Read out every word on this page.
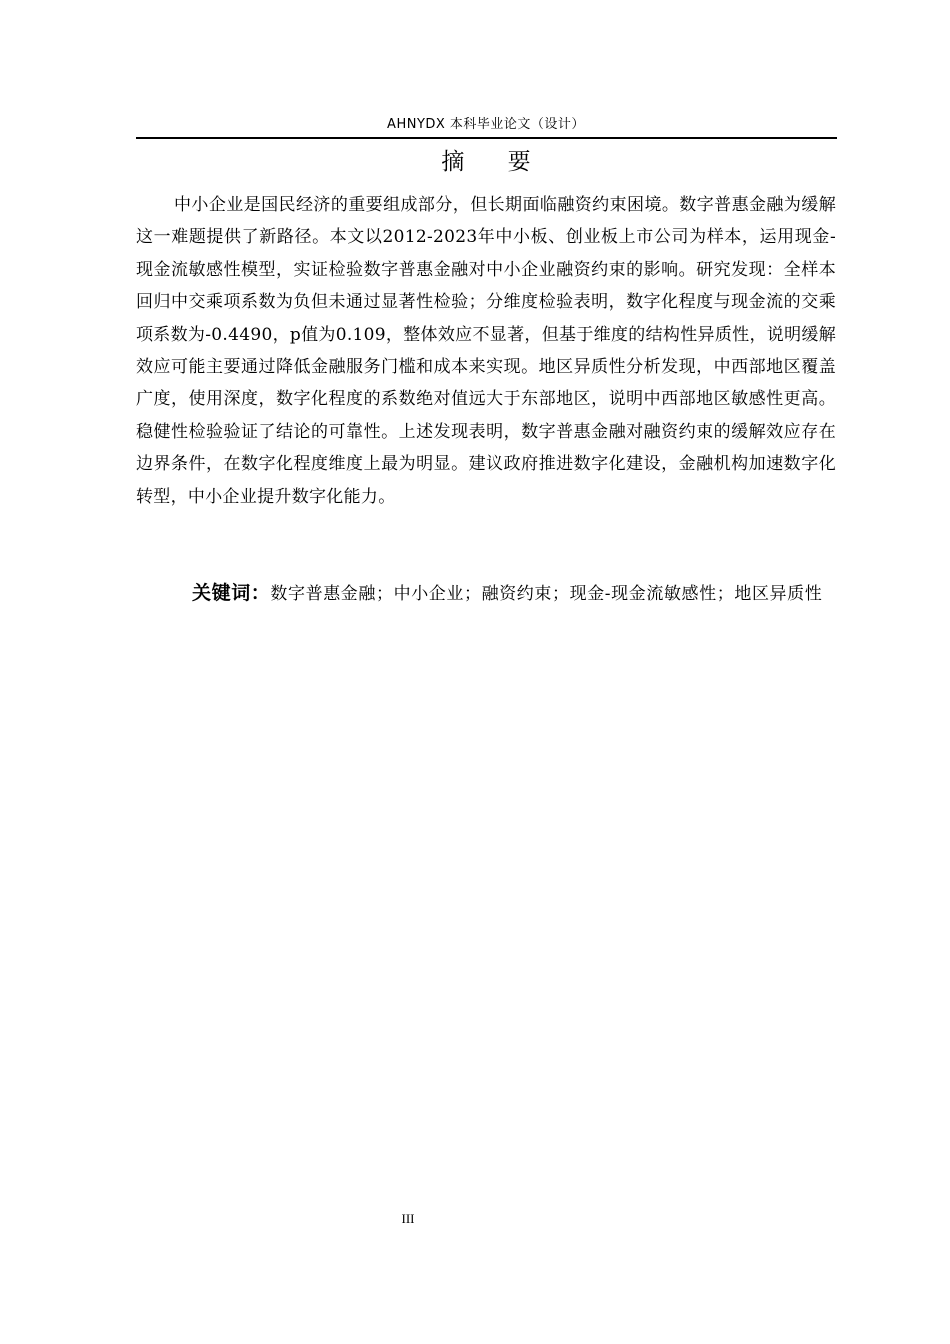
AHNYDX 本科毕业论文（设计）
摘 要

中小企业是国民经济的重要组成部分，但长期面临融资约束困境。数字普惠金融为缓解这一难题提供了新路径。本文以2012-2023年中小板、创业板上市公司为样本，运用现金-现金流敏感性模型，实证检验数字普惠金融对中小企业融资约束的影响。研究发现：全样本回归中交乘项系数为负但未通过显著性检验；分维度检验表明，数字化程度与现金流的交乘项系数为-0.4490，p值为0.109，整体效应不显著，但基于维度的结构性异质性，说明缓解效应可能主要通过降低金融服务门槛和成本来实现。地区异质性分析发现，中西部地区覆盖广度，使用深度，数字化程度的系数绝对值远大于东部地区，说明中西部地区敏感性更高。稳健性检验验证了结论的可靠性。上述发现表明，数字普惠金融对融资约束的缓解效应存在边界条件，在数字化程度维度上最为明显。建议政府推进数字化建设，金融机构加速数字化转型，中小企业提升数字化能力。

关键词：数字普惠金融；中小企业；融资约束；现金-现金流敏感性；地区异质性

III
